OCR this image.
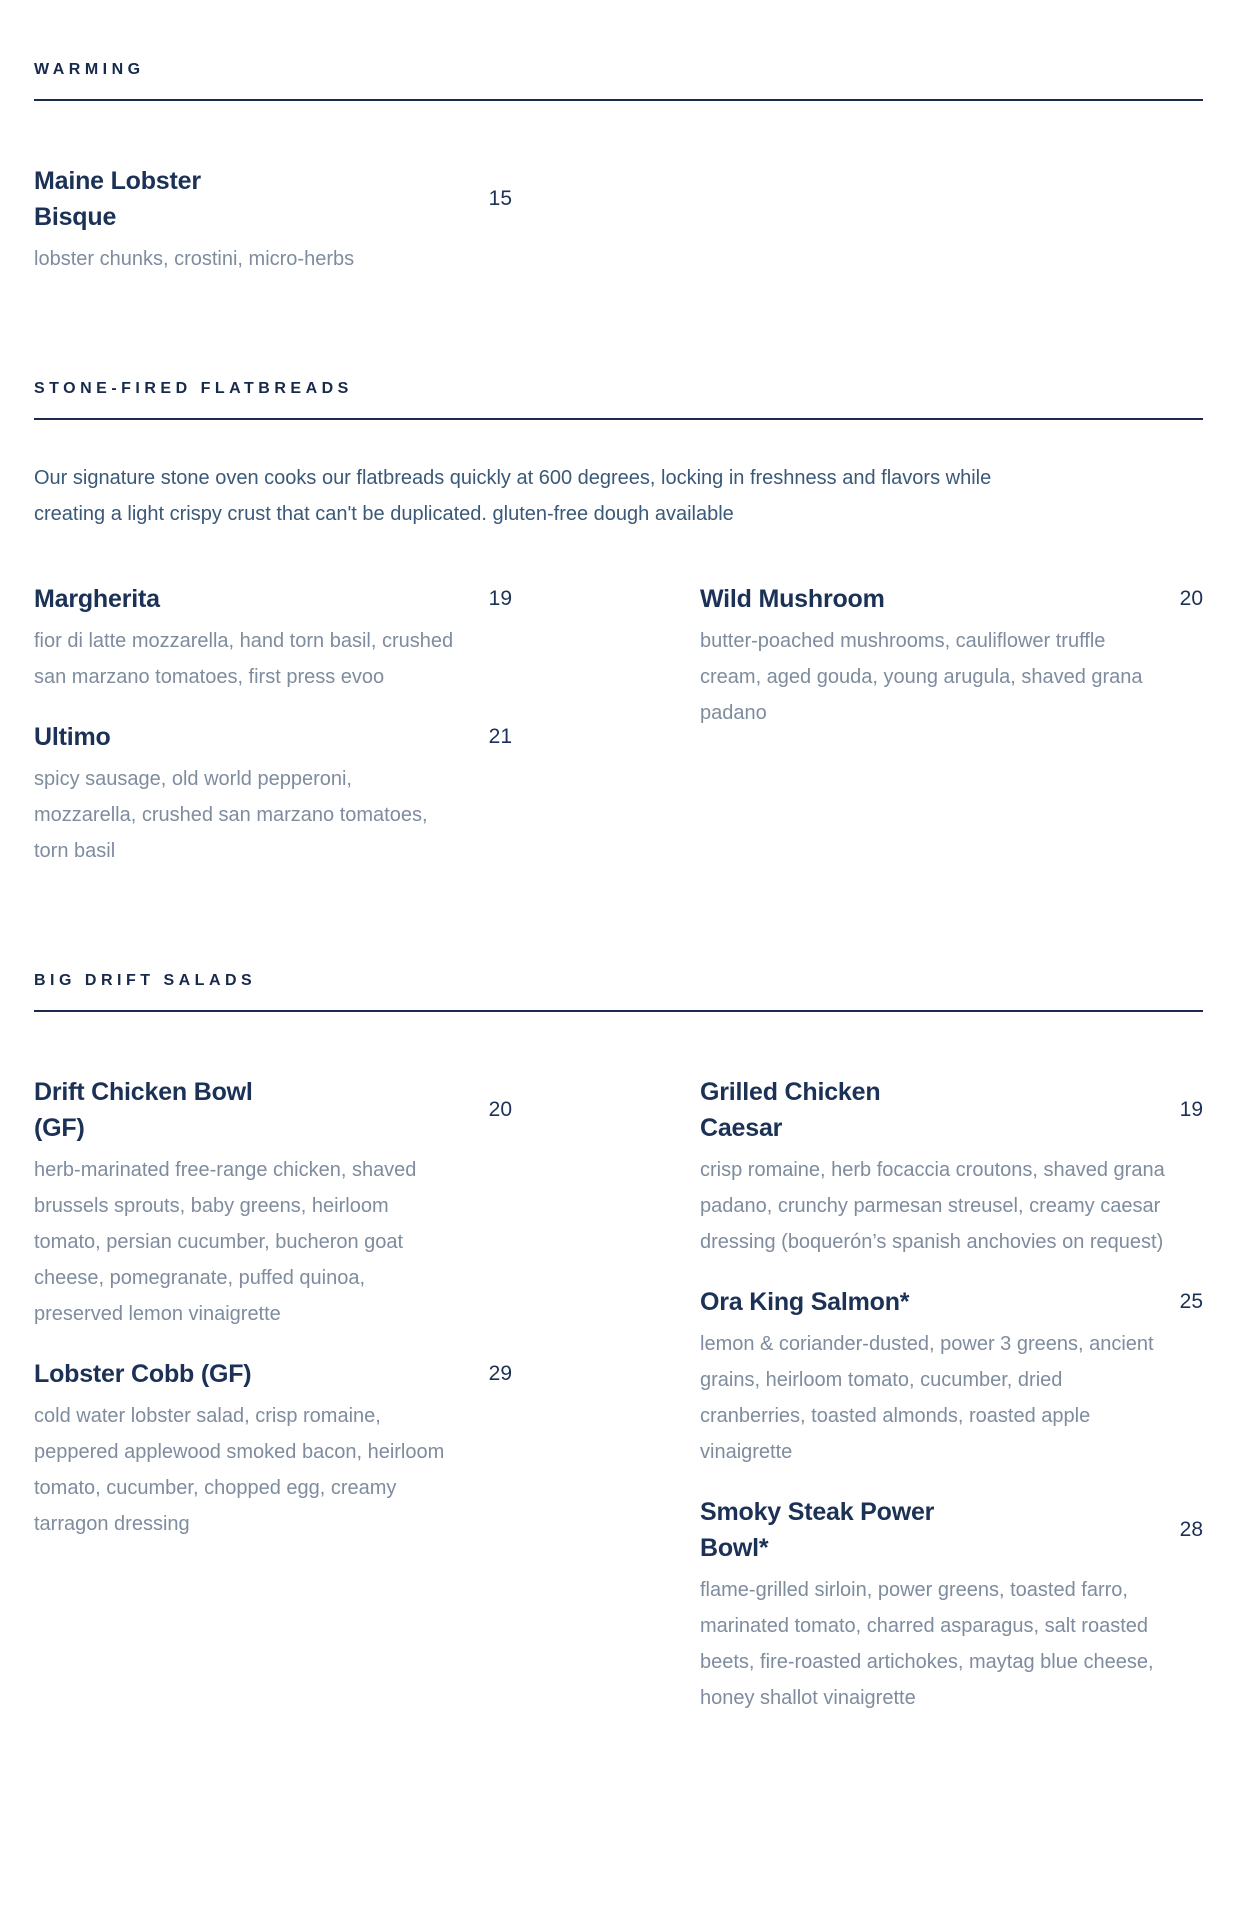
WARMING
Maine Lobster Bisque
15

lobster chunks, crostini, micro-herbs

STONE-FIRED FLATBREADS

Our signature stone oven cooks our flatbreads quickly at 600 degrees, locking in freshness and flavors while creating a light crispy crust that can't be duplicated. gluten-free dough available

Margherita	19

fior di latte mozzarella, hand torn basil, crushed san marzano tomatoes, first press evoo

Ultimo	21

spicy sausage, old world pepperoni, mozzarella, crushed san marzano tomatoes, torn basil

Wild Mushroom	20

butter-poached mushrooms, cauliflower truffle cream, aged gouda, young arugula, shaved grana padano

BIG DRIFT SALADS
Drift Chicken Bowl (GF)
20

herb-marinated free-range chicken, shaved brussels sprouts, baby greens, heirloom tomato, persian cucumber, bucheron goat cheese, pomegranate, puffed quinoa, preserved lemon vinaigrette

Lobster Cobb (GF)	29

cold water lobster salad, crisp romaine, peppered applewood smoked bacon, heirloom tomato, cucumber, chopped egg, creamy tarragon dressing

Grilled Chicken Caesar
19

crisp romaine, herb focaccia croutons, shaved grana padano, crunchy parmesan streusel, creamy caesar dressing (boquerón’s spanish anchovies on request)

Ora King Salmon*	25

lemon & coriander-dusted, power 3 greens, ancient grains, heirloom tomato, cucumber, dried cranberries, toasted almonds, roasted apple vinaigrette

Smoky Steak Power Bowl*
28

flame-grilled sirloin, power greens, toasted farro, marinated tomato, charred asparagus, salt roasted beets, fire-roasted artichokes, maytag blue cheese, honey shallot vinaigrette
